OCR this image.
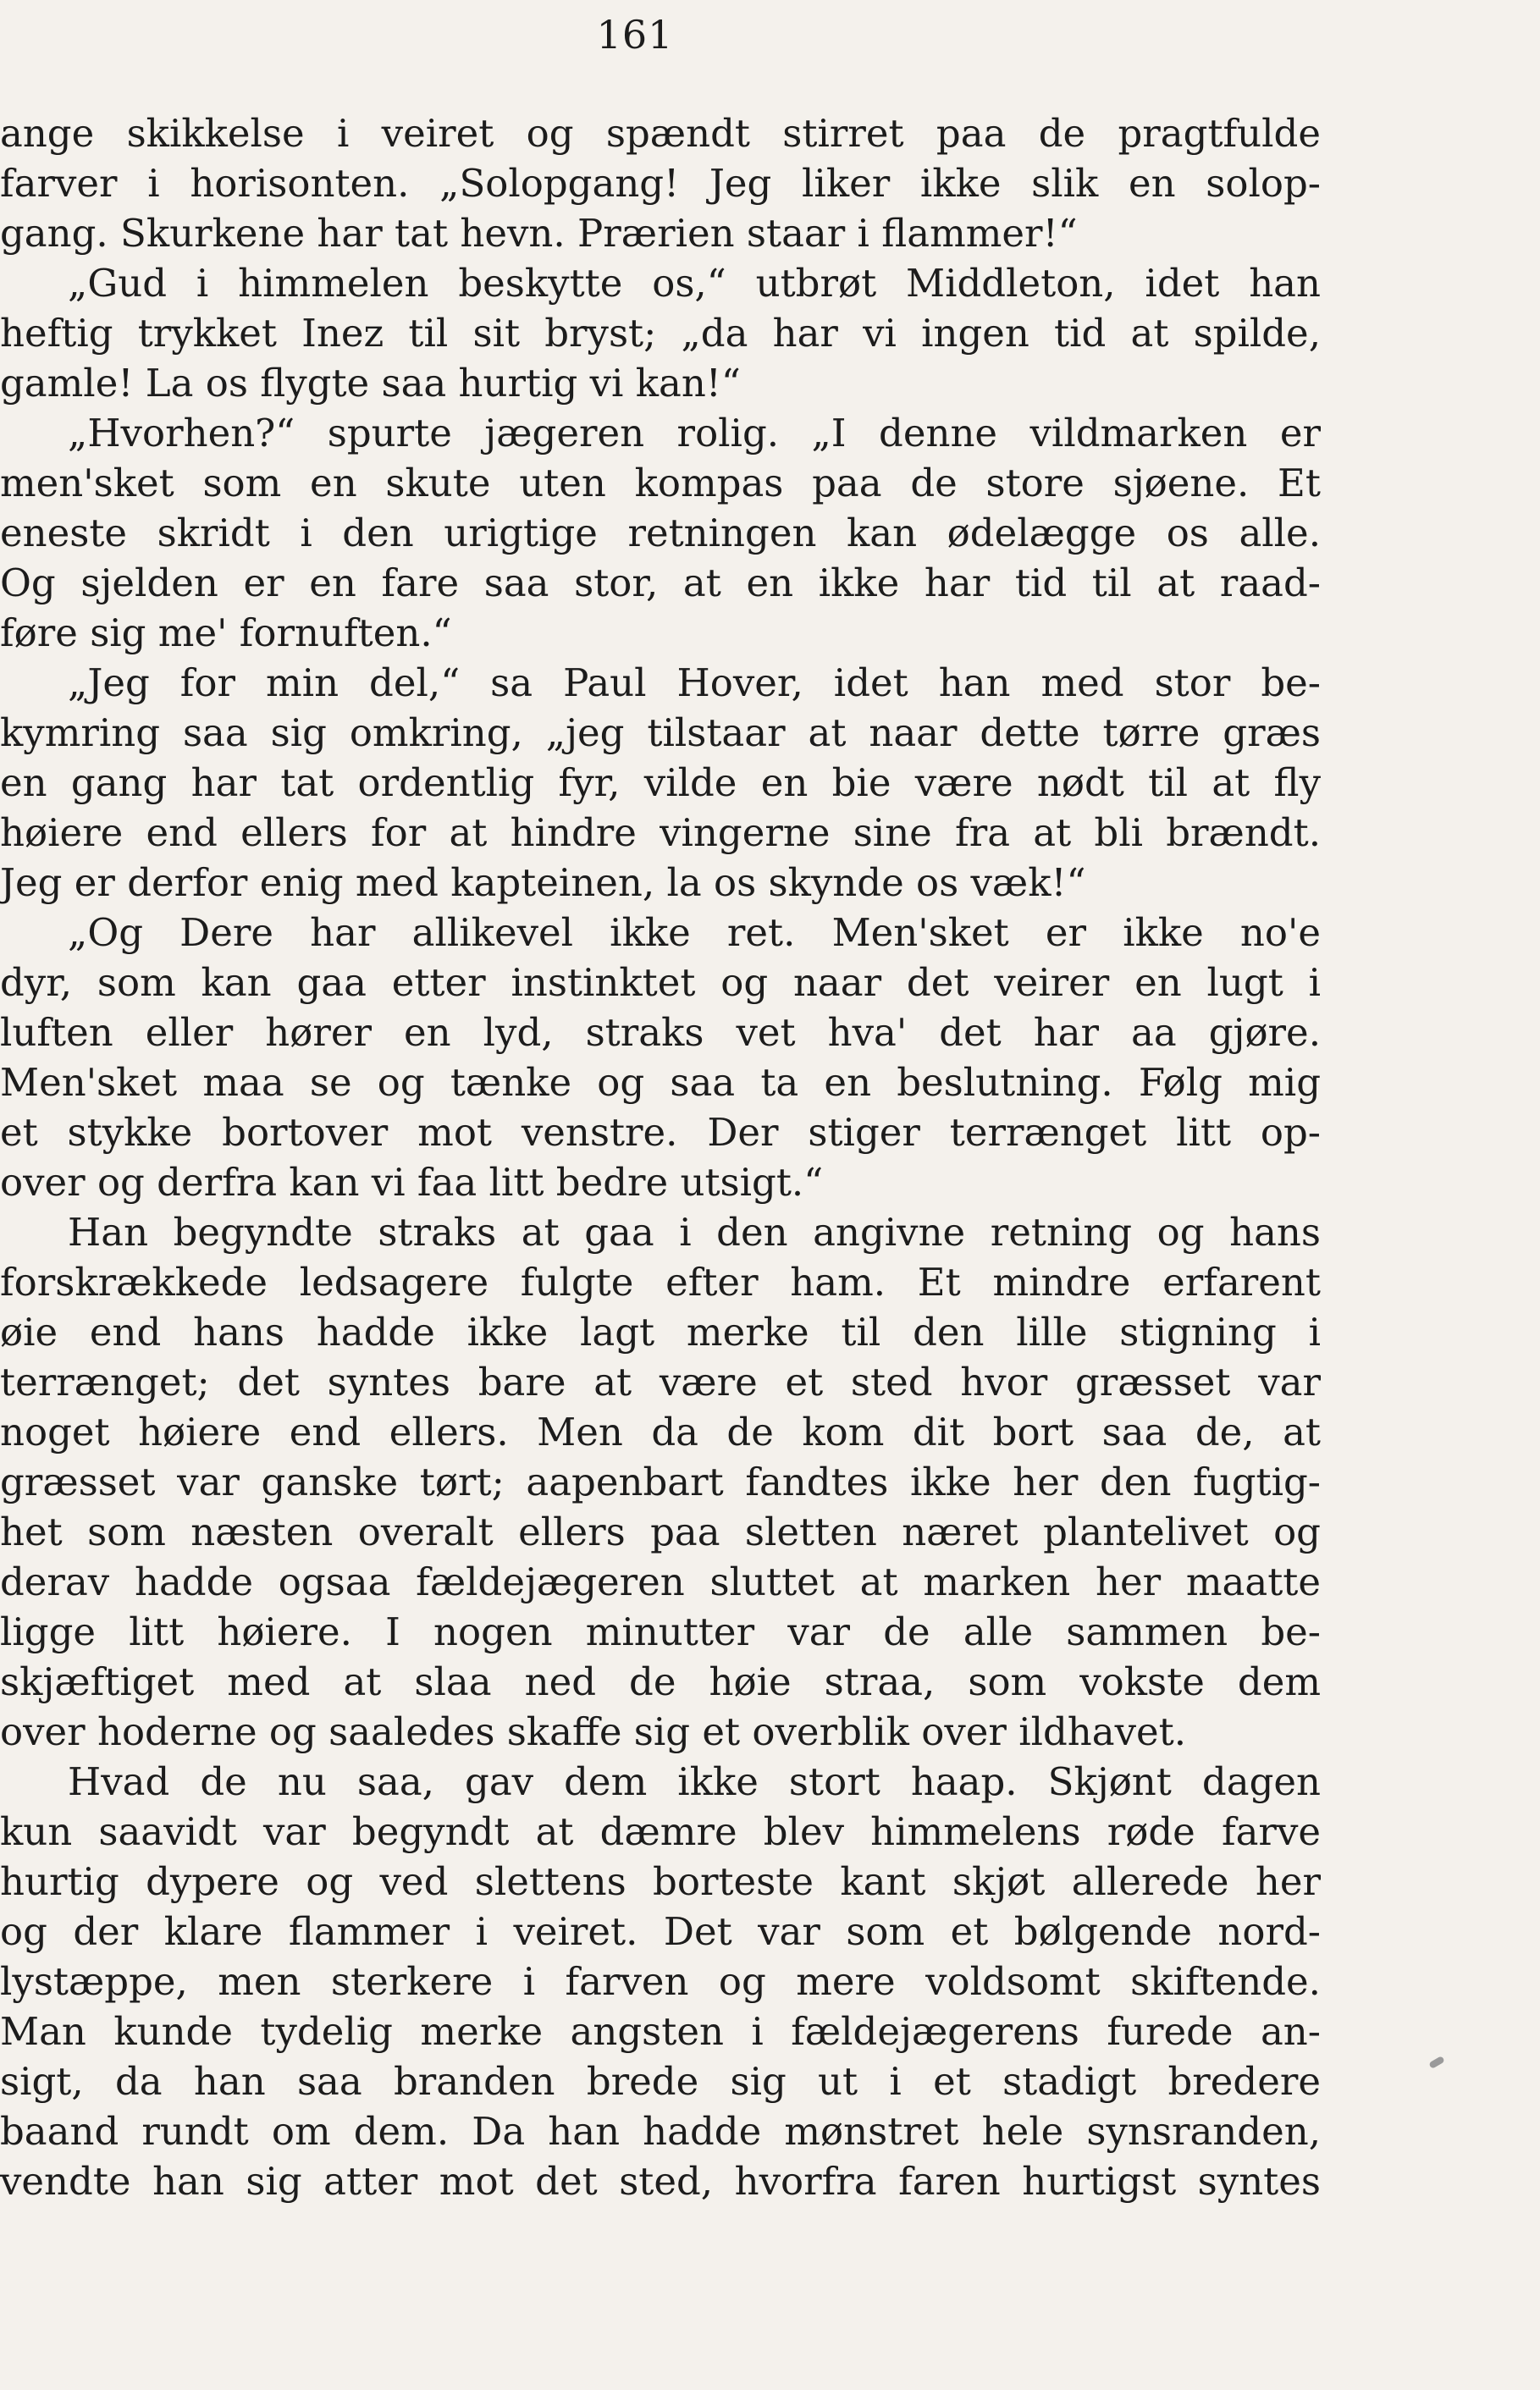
161
ange skikkelse i veiret og spændt stirret paa de pragtfulde
farver i horisonten. „Solopgang! Jeg liker ikke slik en solop-
gang. Skurkene har tat hevn. Prærien staar i flammer!“
„Gud i himmelen beskytte os,“ utbrøt Middleton, idet han
heftig trykket Inez til sit bryst; „da har vi ingen tid at spilde,
gamle! La os flygte saa hurtig vi kan!“
„Hvorhen?“ spurte jægeren rolig. „I denne vildmarken er
men'sket som en skute uten kompas paa de store sjøene. Et
eneste skridt i den urigtige retningen kan ødelægge os alle.
Og sjelden er en fare saa stor, at en ikke har tid til at raad-
føre sig me' fornuften.“
„Jeg for min del,“ sa Paul Hover, idet han med stor be-
kymring saa sig omkring, „jeg tilstaar at naar dette tørre græs
en gang har tat ordentlig fyr, vilde en bie være nødt til at fly
høiere end ellers for at hindre vingerne sine fra at bli brændt.
Jeg er derfor enig med kapteinen, la os skynde os væk!“
„Og Dere har allikevel ikke ret. Men'sket er ikke no'e
dyr, som kan gaa etter instinktet og naar det veirer en lugt i
luften eller hører en lyd, straks vet hva' det har aa gjøre.
Men'sket maa se og tænke og saa ta en beslutning. Følg mig
et stykke bortover mot venstre. Der stiger terrænget litt op-
over og derfra kan vi faa litt bedre utsigt.“
Han begyndte straks at gaa i den angivne retning og hans
forskrækkede ledsagere fulgte efter ham. Et mindre erfarent
øie end hans hadde ikke lagt merke til den lille stigning i
terrænget; det syntes bare at være et sted hvor græsset var
noget høiere end ellers. Men da de kom dit bort saa de, at
græsset var ganske tørt; aapenbart fandtes ikke her den fugtig-
het som næsten overalt ellers paa sletten næret plantelivet og
derav hadde ogsaa fældejægeren sluttet at marken her maatte
ligge litt høiere. I nogen minutter var de alle sammen be-
skjæftiget med at slaa ned de høie straa, som vokste dem
over hoderne og saaledes skaffe sig et overblik over ildhavet.
Hvad de nu saa, gav dem ikke stort haap. Skjønt dagen
kun saavidt var begyndt at dæmre blev himmelens røde farve
hurtig dypere og ved slettens borteste kant skjøt allerede her
og der klare flammer i veiret. Det var som et bølgende nord-
lystæppe, men sterkere i farven og mere voldsomt skiftende.
Man kunde tydelig merke angsten i fældejægerens furede an-
sigt, da han saa branden brede sig ut i et stadigt bredere
baand rundt om dem. Da han hadde mønstret hele synsranden,
vendte han sig atter mot det sted, hvorfra faren hurtigst syntes
